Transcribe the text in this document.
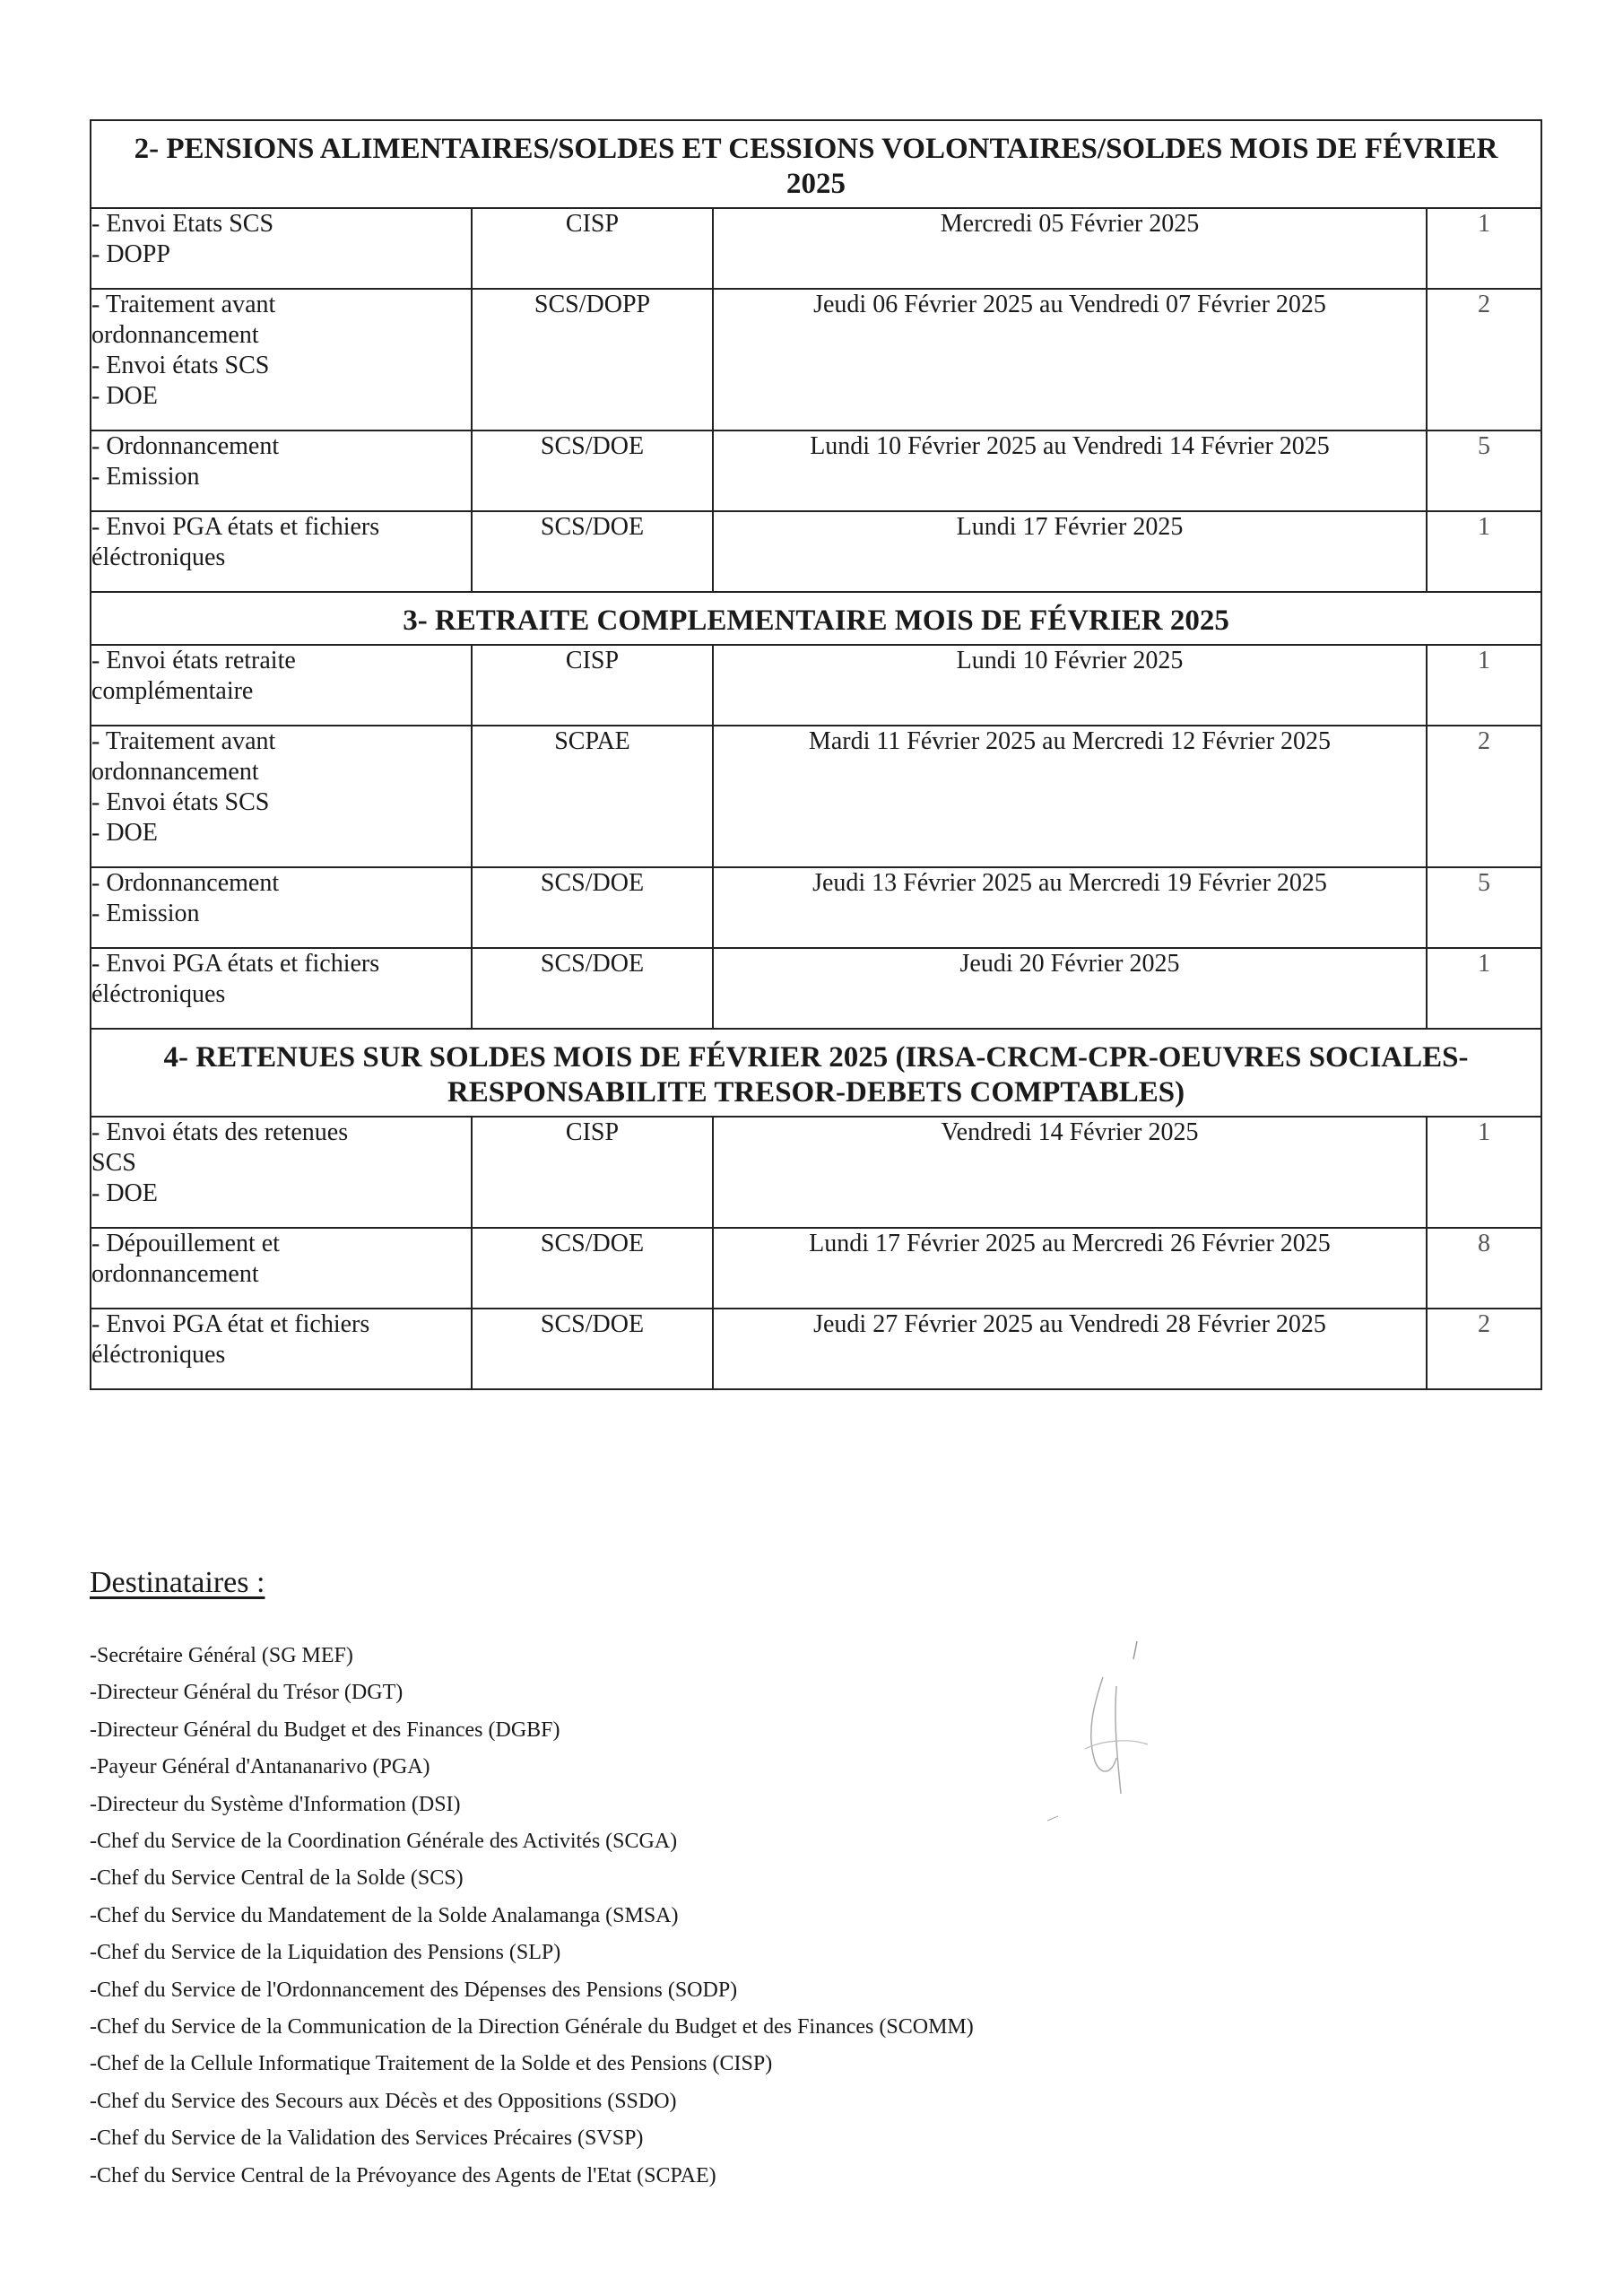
2- PENSIONS ALIMENTAIRES/SOLDES ET CESSIONS VOLONTAIRES/SOLDES MOIS DE FÉVRIER 2025			

- Envoi Etats SCS
- DOPP	CISP	Mercredi 05 Février 2025	1

- Traitement avant
ordonnancement
- Envoi états SCS
- DOE	SCS/DOPP	Jeudi 06 Février 2025 au Vendredi 07 Février 2025	2

- Ordonnancement
- Emission	SCS/DOE	Lundi 10 Février 2025 au Vendredi 14 Février 2025	5

- Envoi PGA états et fichiers
éléctroniques	SCS/DOE	Lundi 17 Février 2025	1
3- RETRAITE COMPLEMENTAIRE MOIS DE FÉVRIER 2025			

- Envoi états retraite
complémentaire	CISP	Lundi 10 Février 2025	1

- Traitement avant
ordonnancement
- Envoi états SCS
- DOE	SCPAE	Mardi 11 Février 2025 au Mercredi 12 Février 2025	2

- Ordonnancement
- Emission	SCS/DOE	Jeudi 13 Février 2025 au Mercredi 19 Février 2025	5

- Envoi PGA états et fichiers
éléctroniques	SCS/DOE	Jeudi 20 Février 2025	1
4- RETENUES SUR SOLDES MOIS DE FÉVRIER 2025 (IRSA-CRCM-CPR-OEUVRES SOCIALES-RESPONSABILITE TRESOR-DEBETS COMPTABLES)			

- Envoi états des retenues
SCS
- DOE	CISP	Vendredi 14 Février 2025	1

- Dépouillement et
ordonnancement	SCS/DOE	Lundi 17 Février 2025 au Mercredi 26 Février 2025	8

- Envoi PGA état et fichiers
éléctroniques	SCS/DOE	Jeudi 27 Février 2025 au Vendredi 28 Février 2025	2
Destinataires :
-Secrétaire Général (SG MEF)
-Directeur Général du Trésor (DGT)
-Directeur Général du Budget et des Finances (DGBF)
-Payeur Général d'Antananarivo (PGA)
-Directeur du Système d'Information (DSI)
-Chef du Service de la Coordination Générale des Activités (SCGA)
-Chef du Service Central de la Solde (SCS)
-Chef du Service du Mandatement de la Solde Analamanga (SMSA)
-Chef du Service de la Liquidation des Pensions (SLP)
-Chef du Service de l'Ordonnancement des Dépenses des Pensions (SODP)
-Chef du Service de la Communication de la Direction Générale du Budget et des Finances (SCOMM)
-Chef de la Cellule Informatique Traitement de la Solde et des Pensions (CISP)
-Chef du Service des Secours aux Décès et des Oppositions (SSDO)
-Chef du Service de la Validation des Services Précaires (SVSP)
-Chef du Service Central de la Prévoyance des Agents de l'Etat (SCPAE)
